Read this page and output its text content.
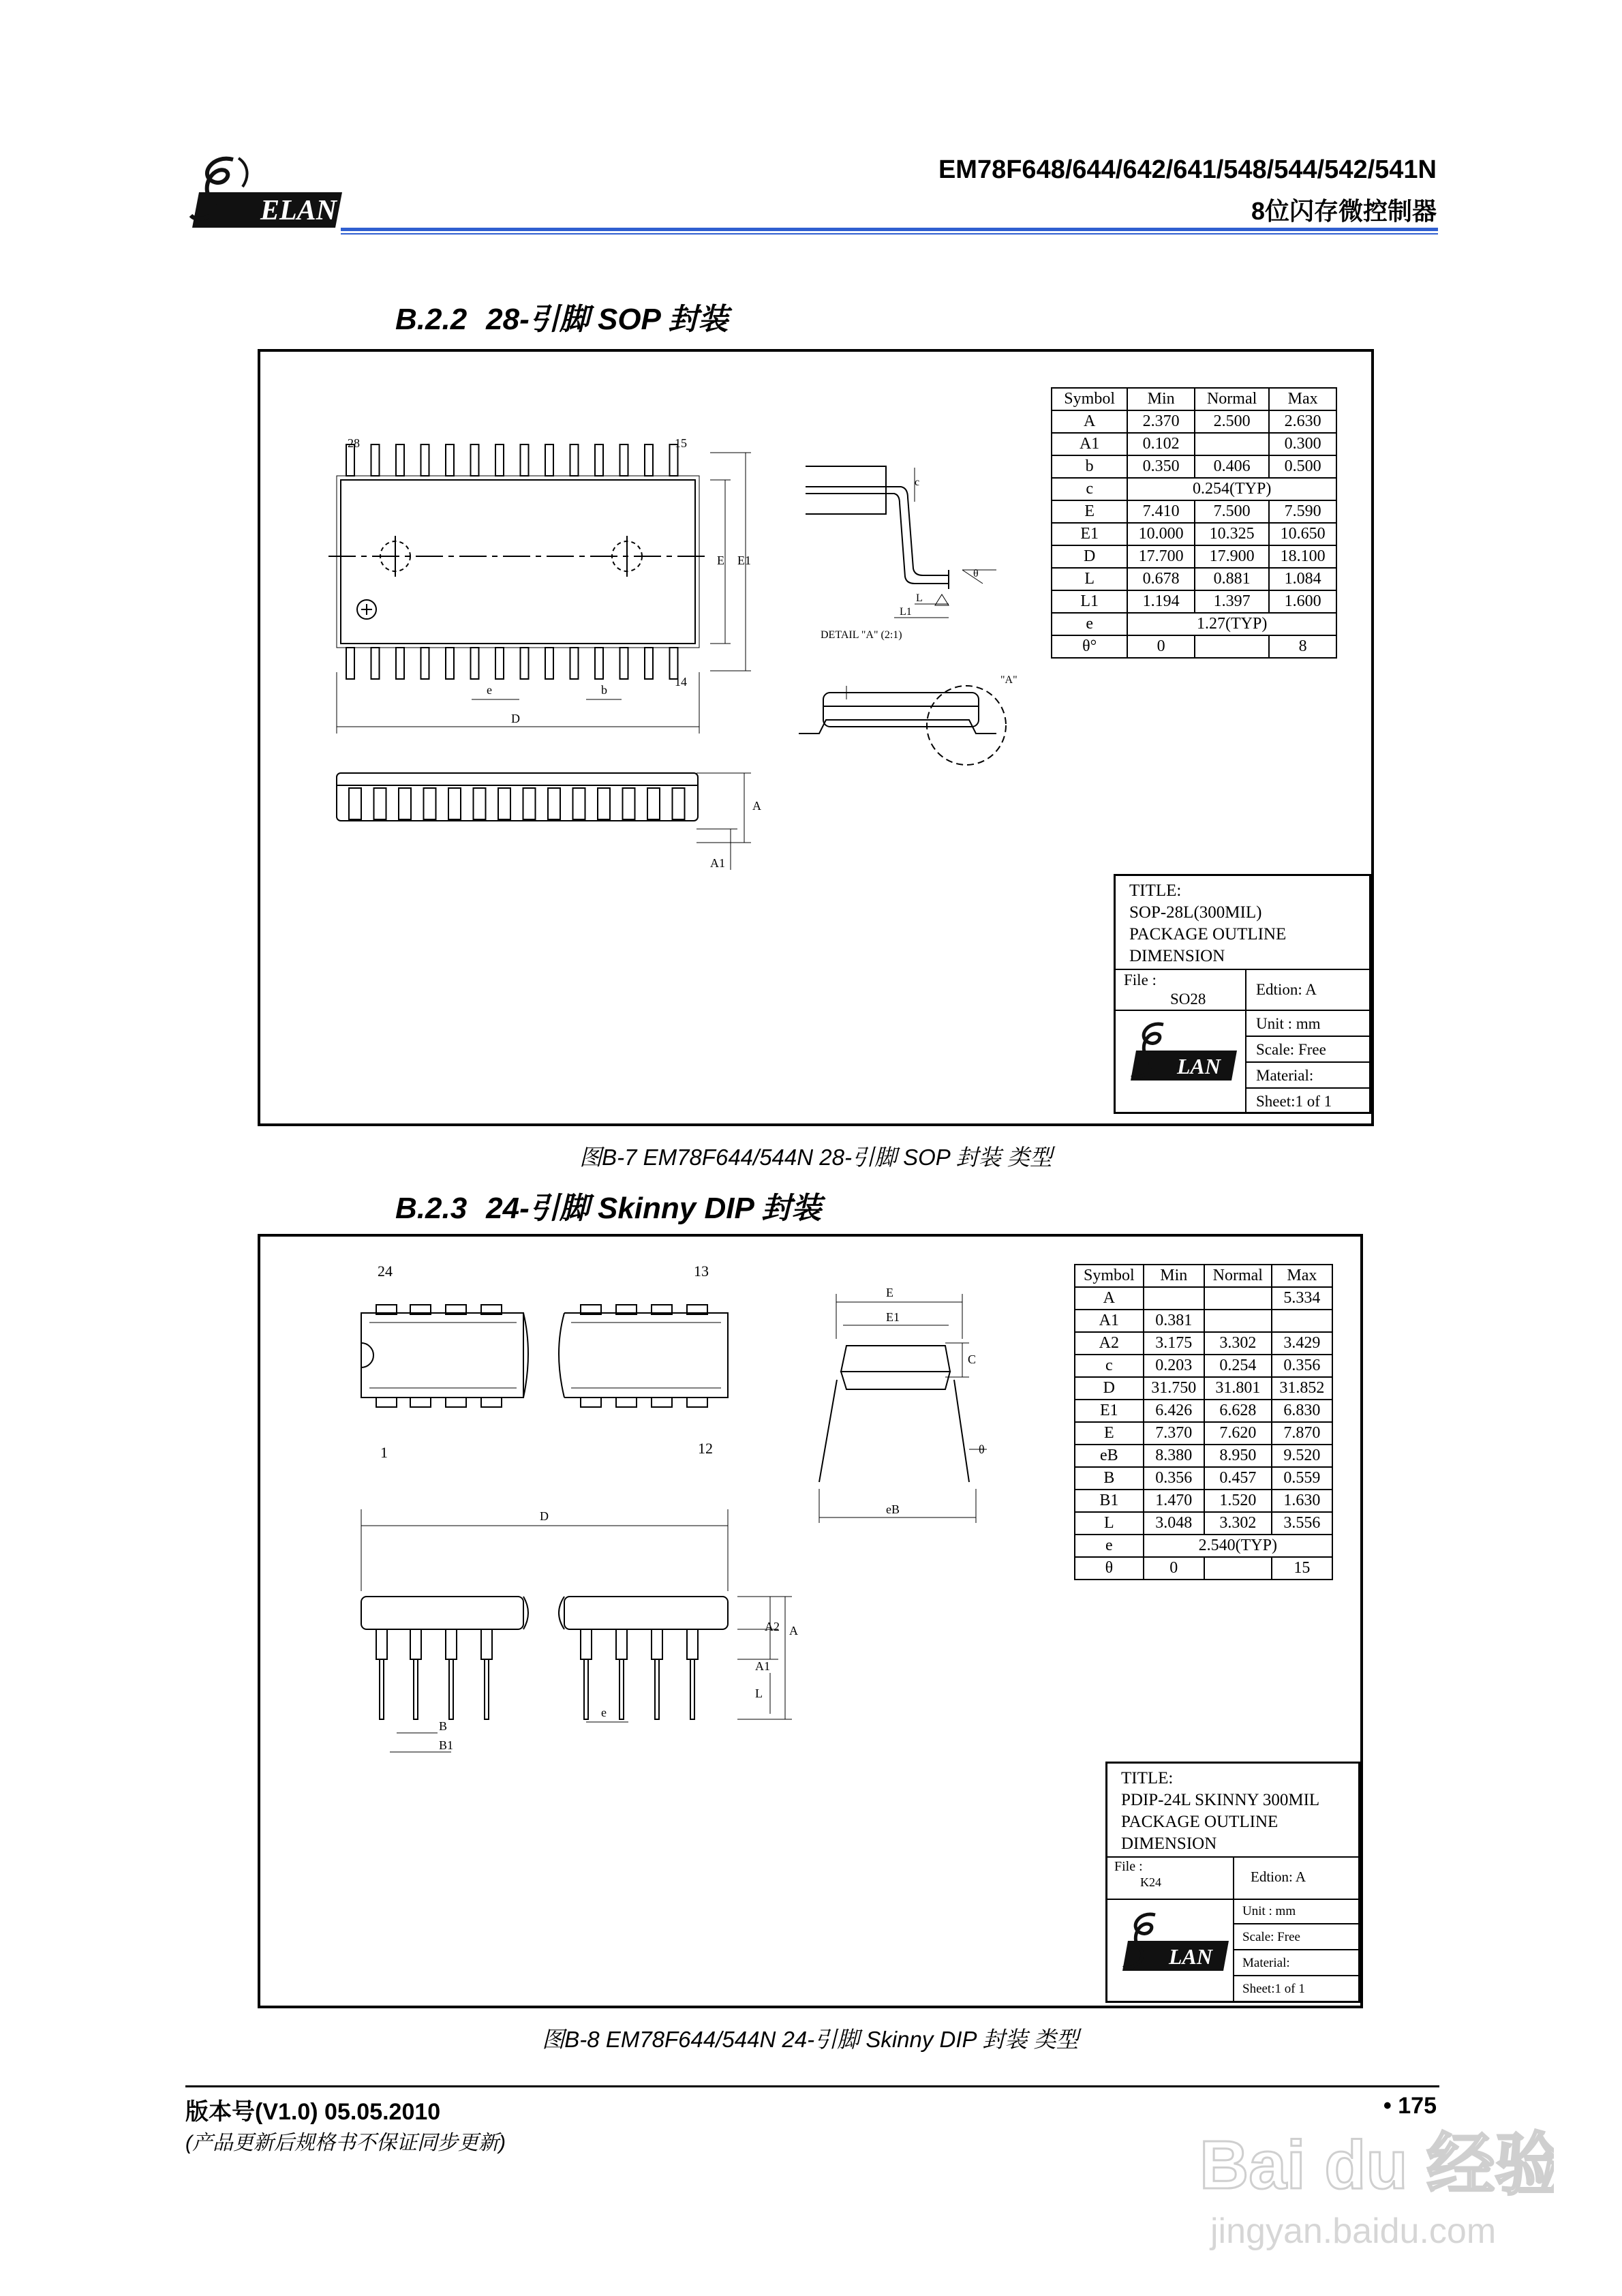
ELAN
EM78F648/644/642/641/548/544/542/541N
8位闪存微控制器
B.2.2 28-引脚 SOP 封装
28	15
14
e	b
D
E E1
A
A1
c
L
L1
θ
DETAIL "A" (2:1)
"A"
Symbol	Min	Normal	Max
A	2.370	2.500	2.630
A1	0.102		0.300
b	0.350	0.406	0.500
c	0.254(TYP)		
E	7.410	7.500	7.590
E1	10.000	10.325	10.650
D	17.700	17.900	18.100
L	0.678	0.881	1.084
L1	1.194	1.397	1.600
e	1.27(TYP)		
θ°	0		8
TITLE:
SOP-28L(300MIL)
PACKAGE OUTLINE
DIMENSION
File :
SO28
Edtion: A
Unit : mm
Scale: Free
Material:
Sheet:1 of 1
LAN
图B-7 EM78F644/544N 28-引脚 SOP 封装 类型
B.2.3 24-引脚 Skinny DIP 封装
24	13
1	12
E
E1
C
eB
θ
D
A
A2
A1
L
e
B
B1
Symbol	Min	Normal	Max
A			5.334
A1	0.381		
A2	3.175	3.302	3.429
c	0.203	0.254	0.356
D	31.750	31.801	31.852
E1	6.426	6.628	6.830
E	7.370	7.620	7.870
eB	8.380	8.950	9.520
B	0.356	0.457	0.559
B1	1.470	1.520	1.630
L	3.048	3.302	3.556
e	2.540(TYP)		
θ	0		15
TITLE:
PDIP-24L SKINNY 300MIL
PACKAGE OUTLINE
DIMENSION
File :
K24	Edtion: A
Unit : mm
Scale: Free
Material:
Sheet:1 of 1
LAN
图B-8 EM78F644/544N 24-引脚 Skinny DIP 封装 类型
版本号(V1.0) 05.05.2010
(产品更新后规格书不保证同步更新)
• 175
Bai du 经验
jingyan.baidu.com
